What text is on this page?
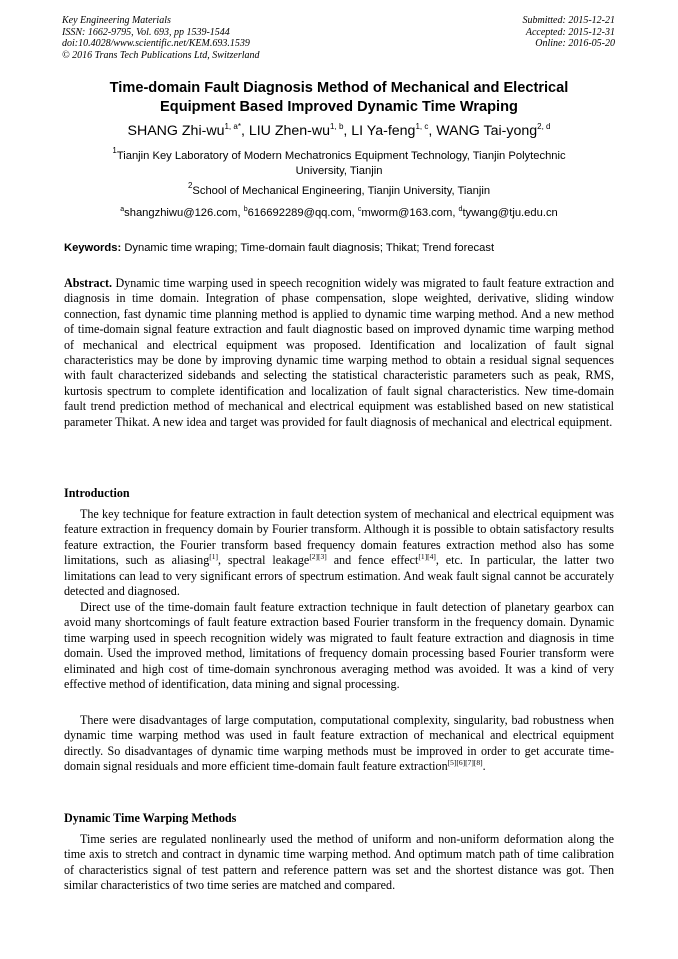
Key Engineering Materials
ISSN: 1662-9795, Vol. 693, pp 1539-1544
doi:10.4028/www.scientific.net/KEM.693.1539
© 2016 Trans Tech Publications Ltd, Switzerland
Submitted: 2015-12-21
Accepted: 2015-12-31
Online: 2016-05-20
Time-domain Fault Diagnosis Method of Mechanical and Electrical
Equipment Based Improved Dynamic Time Wraping
SHANG Zhi-$wu^{1, a*}$, LIU Zhen-wu$^{1, b}$, LI Ya-feng$^{1, c}$, WANG Tai-yong$^{2, d}$
$^1$Tianjin Key Laboratory of Modern Mechatronics Equipment Technology, Tianjin Polytechnic
University, Tianjin
$^2$School of Mechanical Engineering, Tianjin University, Tianjin
$^a$shangzhiwu@126.com, $^b$616692289@qq.com, $^c$mworm@163.com, $^d$tywang@tju.edu.cn
Keywords: Dynamic time wraping; Time-domain fault diagnosis; Thikat; Trend forecast
Abstract. Dynamic time warping used in speech recognition widely was migrated to fault feature extraction and diagnosis in time domain. Integration of phase compensation, slope weighted, derivative, sliding window connection, fast dynamic time planning method is applied to dynamic time warping method. And a new method of time-domain signal feature extraction and fault diagnostic based on improved dynamic time warping method of mechanical and electrical equipment was proposed. Identification and localization of fault signal characteristics may be done by improving dynamic time warping method to obtain a residual signal sequences with fault characterized sidebands and selecting the statistical characteristic parameters such as peak, RMS, kurtosis spectrum to complete identification and localization of fault signal characteristics. New time-domain fault trend prediction method of mechanical and electrical equipment was established based on new statistical parameter Thikat. A new idea and target was provided for fault diagnosis of mechanical and electrical equipment.
Introduction
The key technique for feature extraction in fault detection system of mechanical and electrical equipment was feature extraction in frequency domain by Fourier transform. Although it is possible to obtain satisfactory results feature extraction, the Fourier transform based frequency domain features extraction method also has some limitations, such as aliasing[1], spectral leakage[2][3] and fence effect[1][4], etc. In particular, the latter two limitations can lead to very significant errors of spectrum estimation. And weak fault signal cannot be accurately detected and diagnosed.
Direct use of the time-domain fault feature extraction technique in fault detection of planetary gearbox can avoid many shortcomings of fault feature extraction based Fourier transform in the frequency domain. Dynamic time warping used in speech recognition widely was migrated to fault feature extraction and diagnosis in time domain. Used the improved method, limitations of frequency domain processing based Fourier transform were eliminated and high cost of time-domain synchronous averaging method was avoided. It was a kind of very effective method of identification, data mining and signal processing.
There were disadvantages of large computation, computational complexity, singularity, bad robustness when dynamic time warping method was used in fault feature extraction of mechanical and electrical equipment directly. So disadvantages of dynamic time warping methods must be improved in order to get accurate time-domain signal residuals and more efficient time-domain fault feature extraction[5][6][7][8].
Dynamic Time Warping Methods
Time series are regulated nonlinearly used the method of uniform and non-uniform deformation along the time axis to stretch and contract in dynamic time warping method. And optimum match path of time calibration of characteristics signal of test pattern and reference pattern was set and the shortest distance was got. Then similar characteristics of two time series are matched and compared.
